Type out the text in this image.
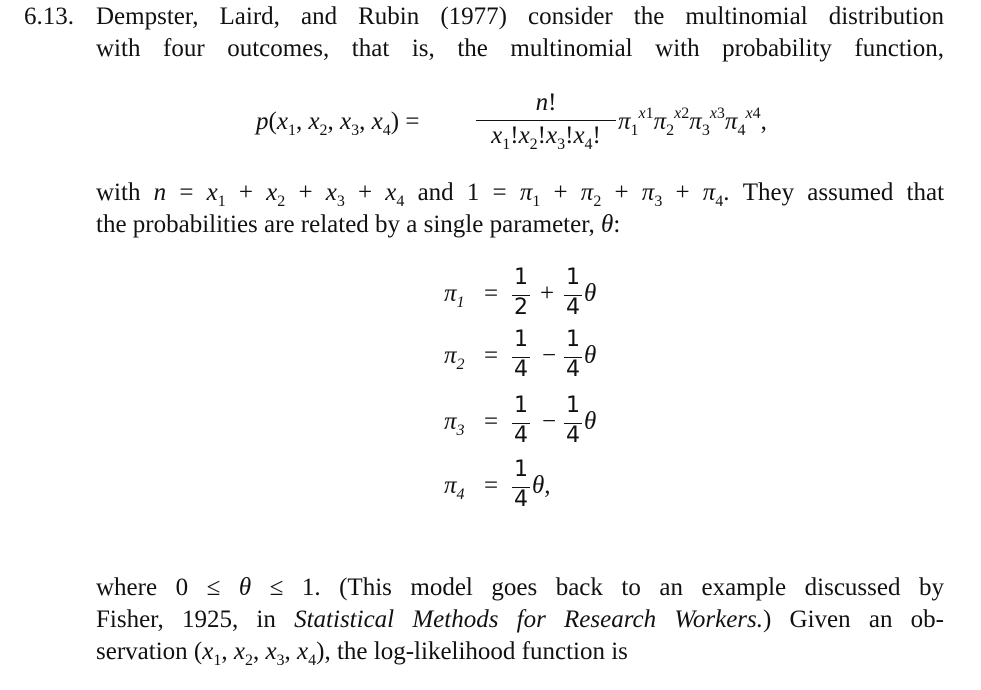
6.13. Dempster, Laird, and Rubin (1977) consider the multinomial distribution
with four outcomes, that is, the multinomial with probability function,
$p(x_1$, $x_2$, $x_3$, $x_4$) =
n!
$x_1!x_2!x_3!x_4$!
$\pi_1^{x1}\pi_2^{x2}\pi_3^{x3}\pi_4^{x4}$,
with $n = x_1 + x_2 + x_3 + x_4$ and $1 = \pi_1 + \pi_2 + \pi_3 + \pi_4$. They assumed that
the probabilities are related by a single parameter, θ:
$\pi_1$ =
1
2
+
1
4
θ
$\pi_2$ =
1
4
−
1
4
θ
$\pi_3$ =
1
4
−
1
4
θ
$\pi_4$ =
1
4
θ,
where 0 ≤ θ ≤ 1. (This model goes back to an example discussed by
Fisher, 1925, in Statistical Methods for Research Workers.) Given an ob-
servation ($x_1$, $x_2$, $x_3$, $x_4$), the log-likelihood function is
